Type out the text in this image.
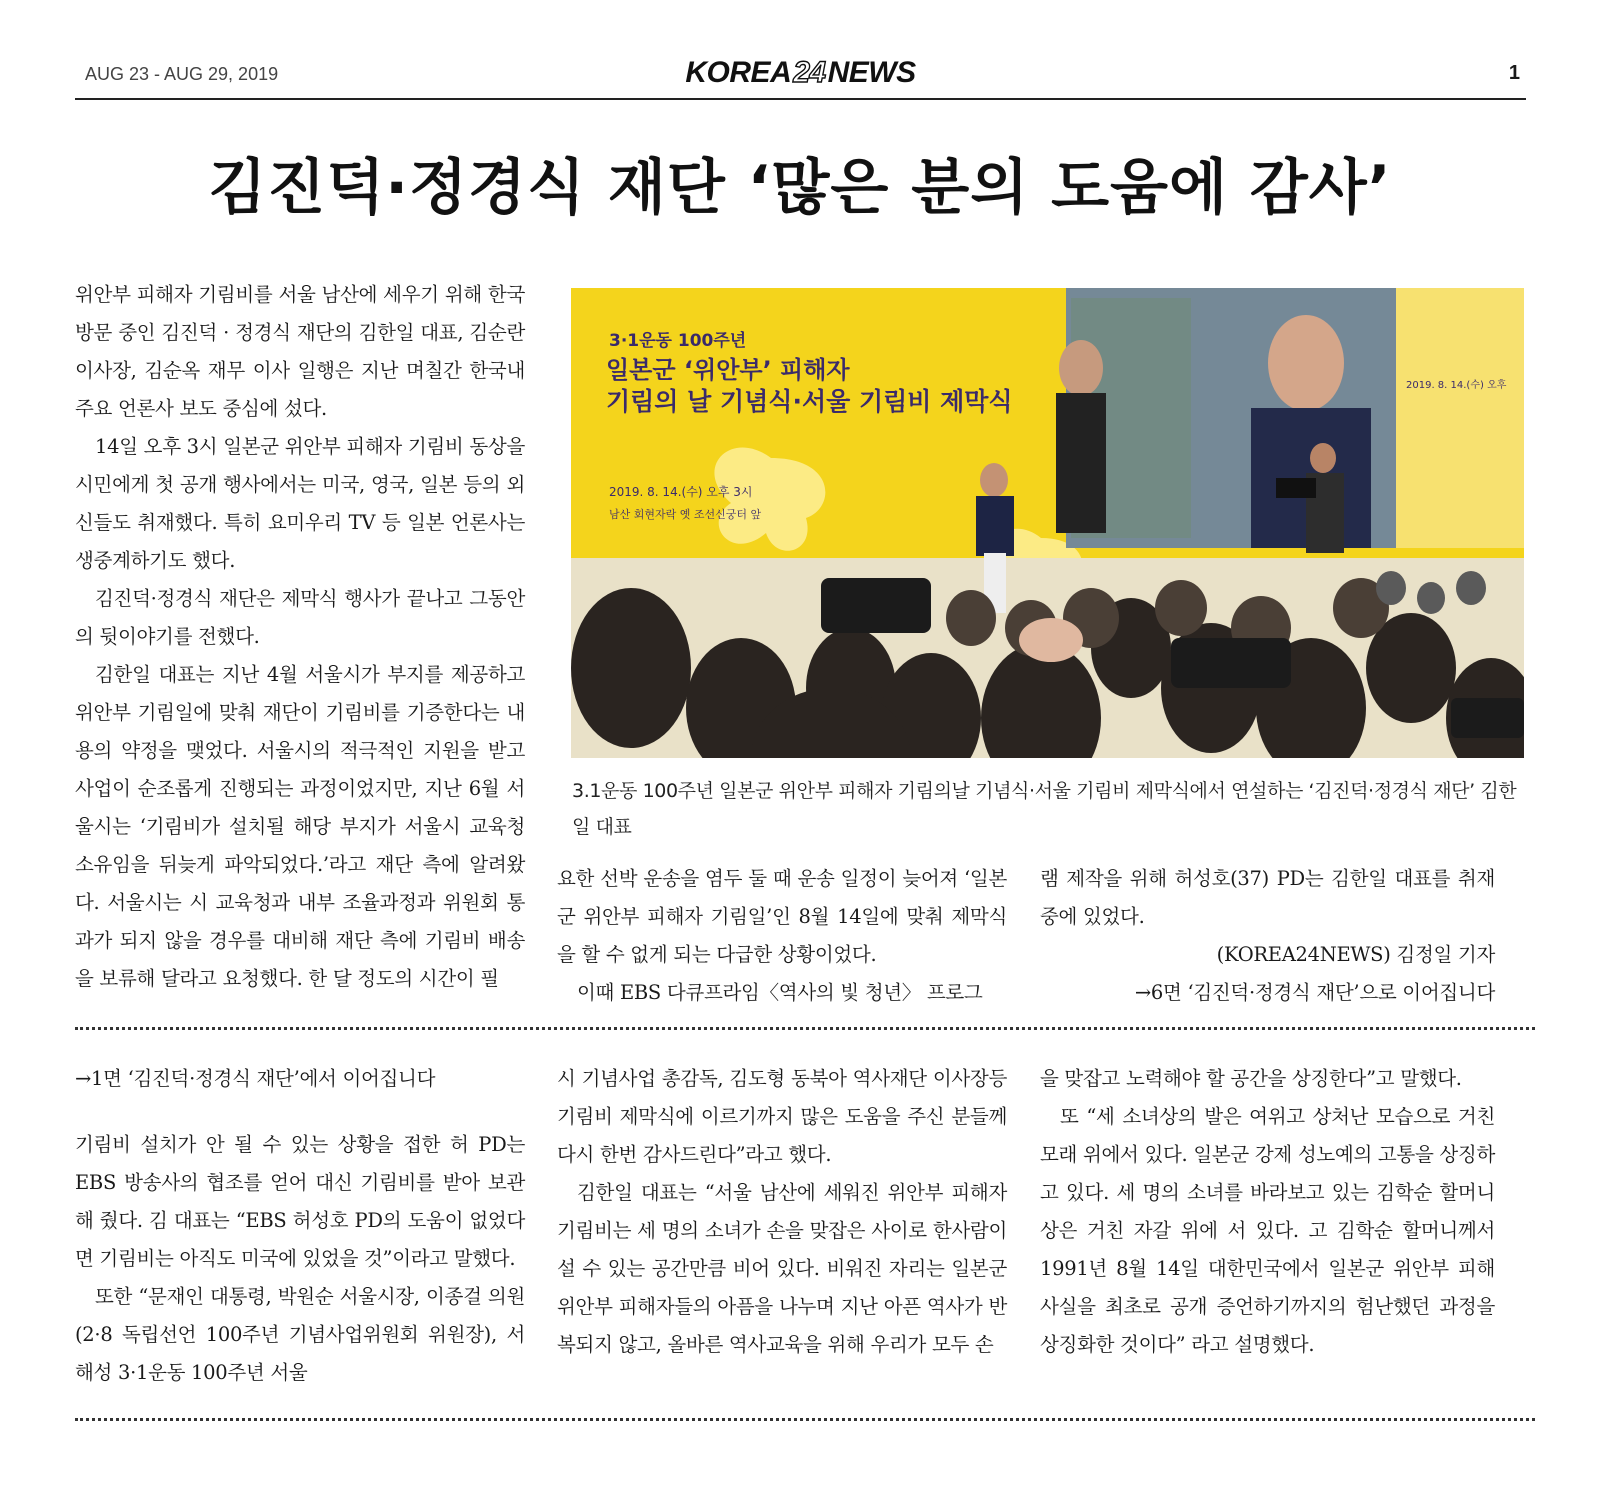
AUG 23 - AUG 29, 2019	KOREA24NEWS	1
김진덕·정경식 재단 ‘많은 분의 도움에 감사’

위안부 피해자 기림비를 서울 남산에 세우기 위해 한국 방문 중인 김진덕 · 정경식 재단의 김한일 대표, 김순란 이사장, 김순옥 재무 이사 일행은 지난 며칠간 한국내 주요 언론사 보도 중심에 섰다.

14일 오후 3시 일본군 위안부 피해자 기림비 동상을 시민에게 첫 공개 행사에서는 미국, 영국, 일본 등의 외신들도 취재했다. 특히 요미우리 TV 등 일본 언론사는 생중계하기도 했다.

김진덕·정경식 재단은 제막식 행사가 끝나고 그동안의 뒷이야기를 전했다.

김한일 대표는 지난 4월 서울시가 부지를 제공하고 위안부 기림일에 맞춰 재단이 기림비를 기증한다는 내용의 약정을 맺었다. 서울시의 적극적인 지원을 받고 사업이 순조롭게 진행되는 과정이었지만, 지난 6월 서울시는 ‘기림비가 설치될 해당 부지가 서울시 교육청 소유임을 뒤늦게 파악되었다.’라고 재단 측에 알려왔다. 서울시는 시 교육청과 내부 조율과정과 위원회 통과가 되지 않을 경우를 대비해 재단 측에 기림비 배송을 보류해 달라고 요청했다. 한 달 정도의 시간이 필

3·1운동 100주년
일본군 ‘위안부’ 피해자
기림의 날 기념식·서울 기림비 제막식
2019. 8. 14.(수) 오후 3시
남산 회현자락 옛 조선신궁터 앞
2019. 8. 14.(수) 오후
3.1운동 100주년 일본군 위안부 피해자 기림의날 기념식·서울 기림비 제막식에서 연설하는 ‘김진덕·정경식 재단’ 김한일 대표

요한 선박 운송을 염두 둘 때 운송 일정이 늦어져 ‘일본군 위안부 피해자 기림일’인 8월 14일에 맞춰 제막식을 할 수 없게 되는 다급한 상황이었다.

이때 EBS 다큐프라임〈역사의 빛 청년〉 프로그

램 제작을 위해 허성호(37) PD는 김한일 대표를 취재 중에 있었다.

(KOREA24NEWS) 김정일 기자

→6면 ‘김진덕·정경식 재단’으로 이어집니다

→1면 ‘김진덕·정경식 재단’에서 이어집니다

기림비 설치가 안 될 수 있는 상황을 접한 허 PD는 EBS 방송사의 협조를 얻어 대신 기림비를 받아 보관해 줬다. 김 대표는 “EBS 허성호 PD의 도움이 없었다면 기림비는 아직도 미국에 있었을 것”이라고 말했다.

또한 “문재인 대통령, 박원순 서울시장, 이종걸 의원(2·8 독립선언 100주년 기념사업위원회 위원장), 서해성 3·1운동 100주년 서울

시 기념사업 총감독, 김도형 동북아 역사재단 이사장등 기림비 제막식에 이르기까지 많은 도움을 주신 분들께 다시 한번 감사드린다”라고 했다.

김한일 대표는 “서울 남산에 세워진 위안부 피해자 기림비는 세 명의 소녀가 손을 맞잡은 사이로 한사람이 설 수 있는 공간만큼 비어 있다. 비워진 자리는 일본군 위안부 피해자들의 아픔을 나누며 지난 아픈 역사가 반복되지 않고, 올바른 역사교육을 위해 우리가 모두 손

을 맞잡고 노력해야 할 공간을 상징한다”고 말했다.

또 “세 소녀상의 발은 여위고 상처난 모습으로 거친 모래 위에서 있다. 일본군 강제 성노예의 고통을 상징하고 있다. 세 명의 소녀를 바라보고 있는 김학순 할머니상은 거친 자갈 위에 서 있다. 고 김학순 할머니께서 1991년 8월 14일 대한민국에서 일본군 위안부 피해 사실을 최초로 공개 증언하기까지의 험난했던 과정을 상징화한 것이다” 라고 설명했다.
